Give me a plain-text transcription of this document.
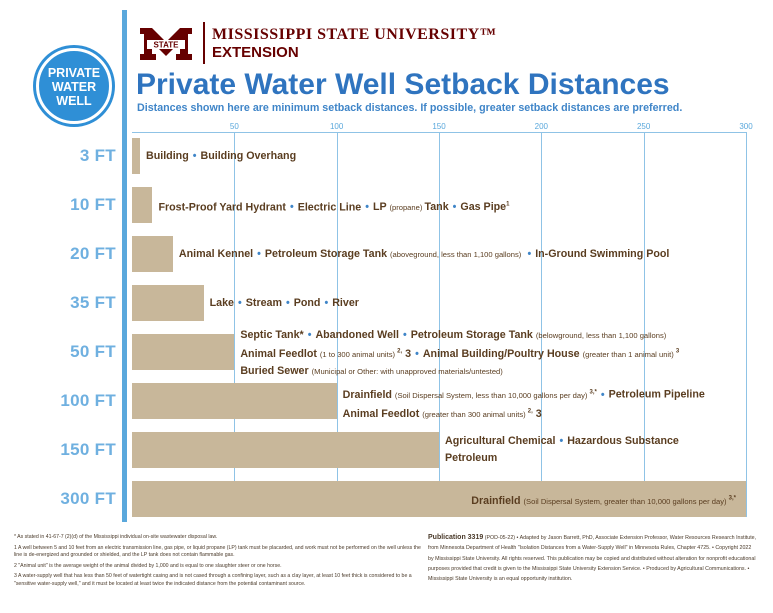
PRIVATE
WATER
WELL
STATE
MISSISSIPPI STATE UNIVERSITY™
EXTENSION
Private Water Well Setback Distances
Distances shown here are minimum setback distances. If possible, greater setback distances are preferred.
50	100	150	200	250	300
3 FT	Building • Building Overhang
10 FT	Frost-Proof Yard Hydrant • Electric Line • LP (propane) Tank • Gas Pipe$^1$
20 FT	Animal Kennel • Petroleum Storage Tank (aboveground, less than 1,100 gallons) • In-Ground Swimming Pool
35 FT	Lake • Stream • Pond • River
50 FT
Septic Tank* • Abandoned Well • Petroleum Storage Tank (belowground, less than 1,100 gallons)
Animal Feedlot (1 to 300 animal units) $^{2,}$ 3 • Animal Building/Poultry House (greater than 1 animal unit) $^3$
Buried Sewer (Municipal or Other: with unapproved materials/untested)
100 FT	Drainfield (Soil Dispersal System, less than 10,000 gallons per day) $^{3,*}$ • Petroleum Pipeline
Animal Feedlot (greater than 300 animal units) $^{2,}$ 3
150 FT	Agricultural Chemical • Hazardous Substance
Petroleum
300 FT	Drainfield (Soil Dispersal System, greater than 10,000 gallons per day) $^{3,*}$

* As stated in 41-67-7 (2)(d) of the Mississippi individual on-site wastewater disposal law.

1 A well between 5 and 10 feet from an electric transmission line, gas pipe, or liquid propane (LP) tank must be placarded, and work must not be performed on the well unless the line is de-energized and grounded or shielded, and the LP tank does not contain flammable gas.

2 "Animal unit" is the average weight of the animal divided by 1,000 and is equal to one slaughter steer or one horse.

3 A water-supply well that has less than 50 feet of watertight casing and is not cased through a confining layer, such as a clay layer, at least 10 feet thick is considered to be a "sensitive water-supply well," and it must be located at least twice the indicated distance from the potential contaminant source.

Publication 3319 (POD-05-22) • Adapted by Jason Barrett, PhD, Associate Extension Professor, Water Resources Research Institute, from Minnesota Department of Health "Isolation Distances from a Water-Supply Well" in Minnesota Rules, Chapter 4725. • Copyright 2022 by Mississippi State University. All rights reserved. This publication may be copied and distributed without alteration for nonprofit educational purposes provided that credit is given to the Mississippi State University Extension Service. • Produced by Agricultural Communications. • Mississippi State University is an equal opportunity institution.
